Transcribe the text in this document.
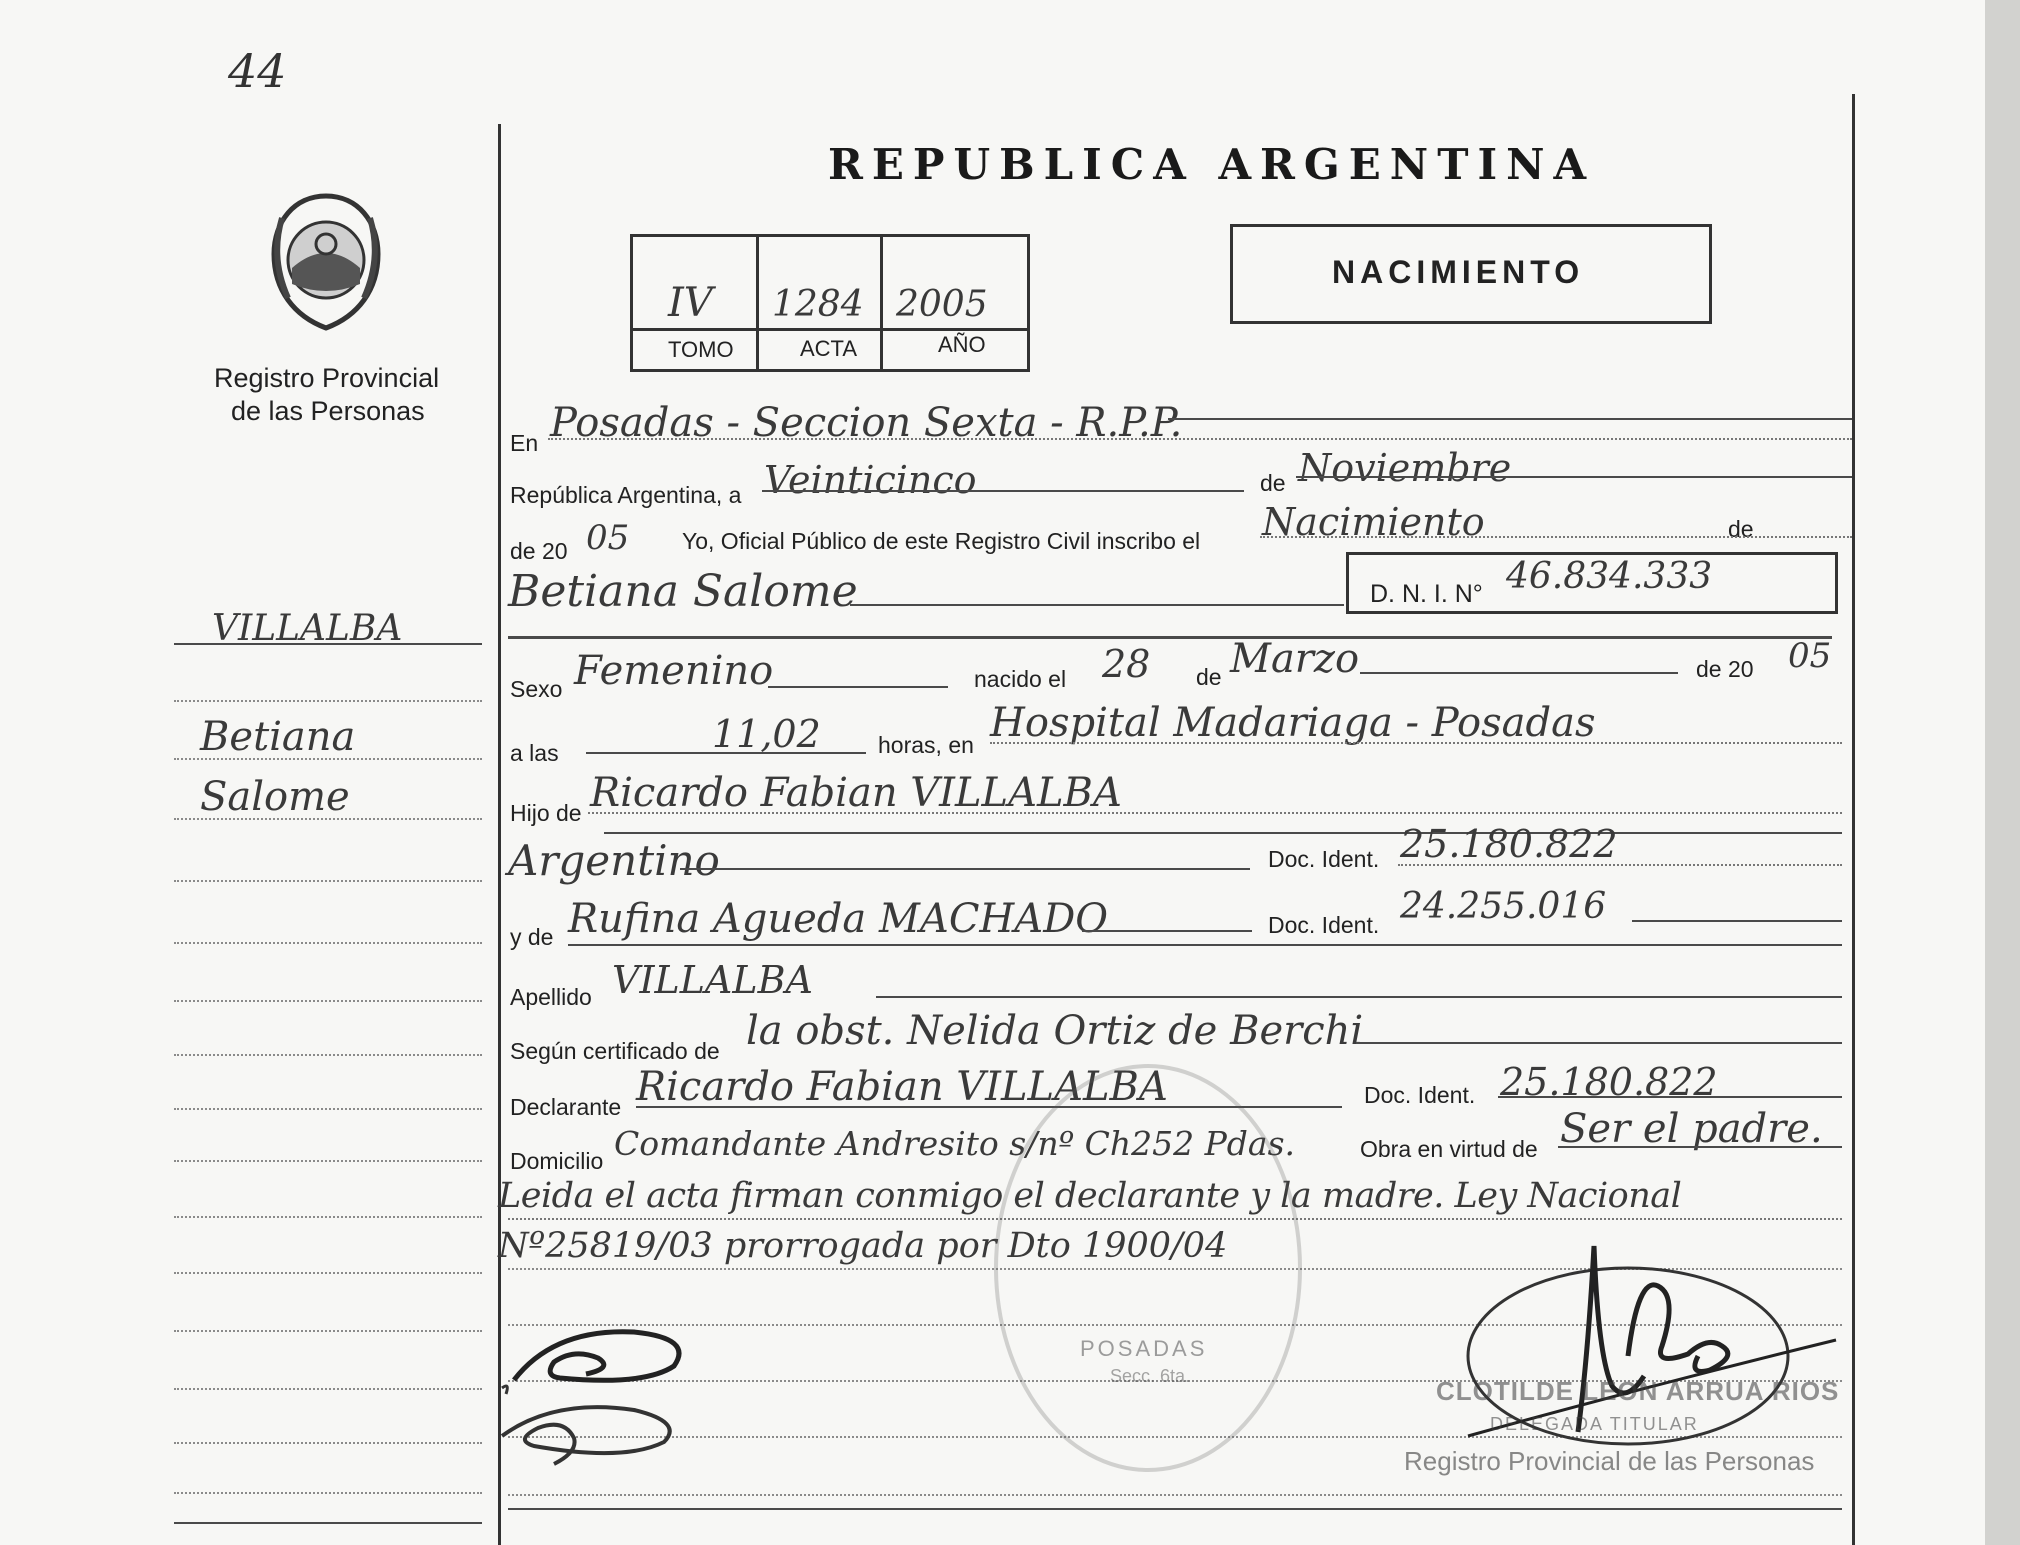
44
Registro Provincial
de las Personas
VILLALBA
Betiana
Salome
REPUBLICA ARGENTINA
IV 1284 2005
TOMO	ACTA	AÑO
NACIMIENTO
En Posadas - Seccion Sexta - R.P.P.
República Argentina, a Veinticinco	de Noviembre
de 20 05 Yo, Oficial Público de este Registro Civil inscribo el Nacimiento	de
Betiana Salome	D. N. I. N° 46.834.333
Sexo Femenino	nacido el 28 de Marzo	de 20 05
a las	11,02 horas, en Hospital Madariaga - Posadas
Hijo de Ricardo Fabian VILLALBA
Argentino	Doc. Ident. 25.180.822
y de Rufina Agueda MACHADO	Doc. Ident. 24.255.016
Apellido VILLALBA
Según certificado de la obst. Nelida Ortiz de Berchi
Declarante Ricardo Fabian VILLALBA	Doc. Ident. 25.180.822
Domicilio Comandante Andresito s/nº Ch252 Pdas.	Obra en virtud de Ser el padre.
Leida el acta firman conmigo el declarante y la madre. Ley Nacional
Nº25819/03 prorrogada por Dto 1900/04
POSADAS
Secc. 6ta.	CLOTILDE LEON ARRUA RIOS
DELEGADA TITULAR
Registro Provincial de las Personas
